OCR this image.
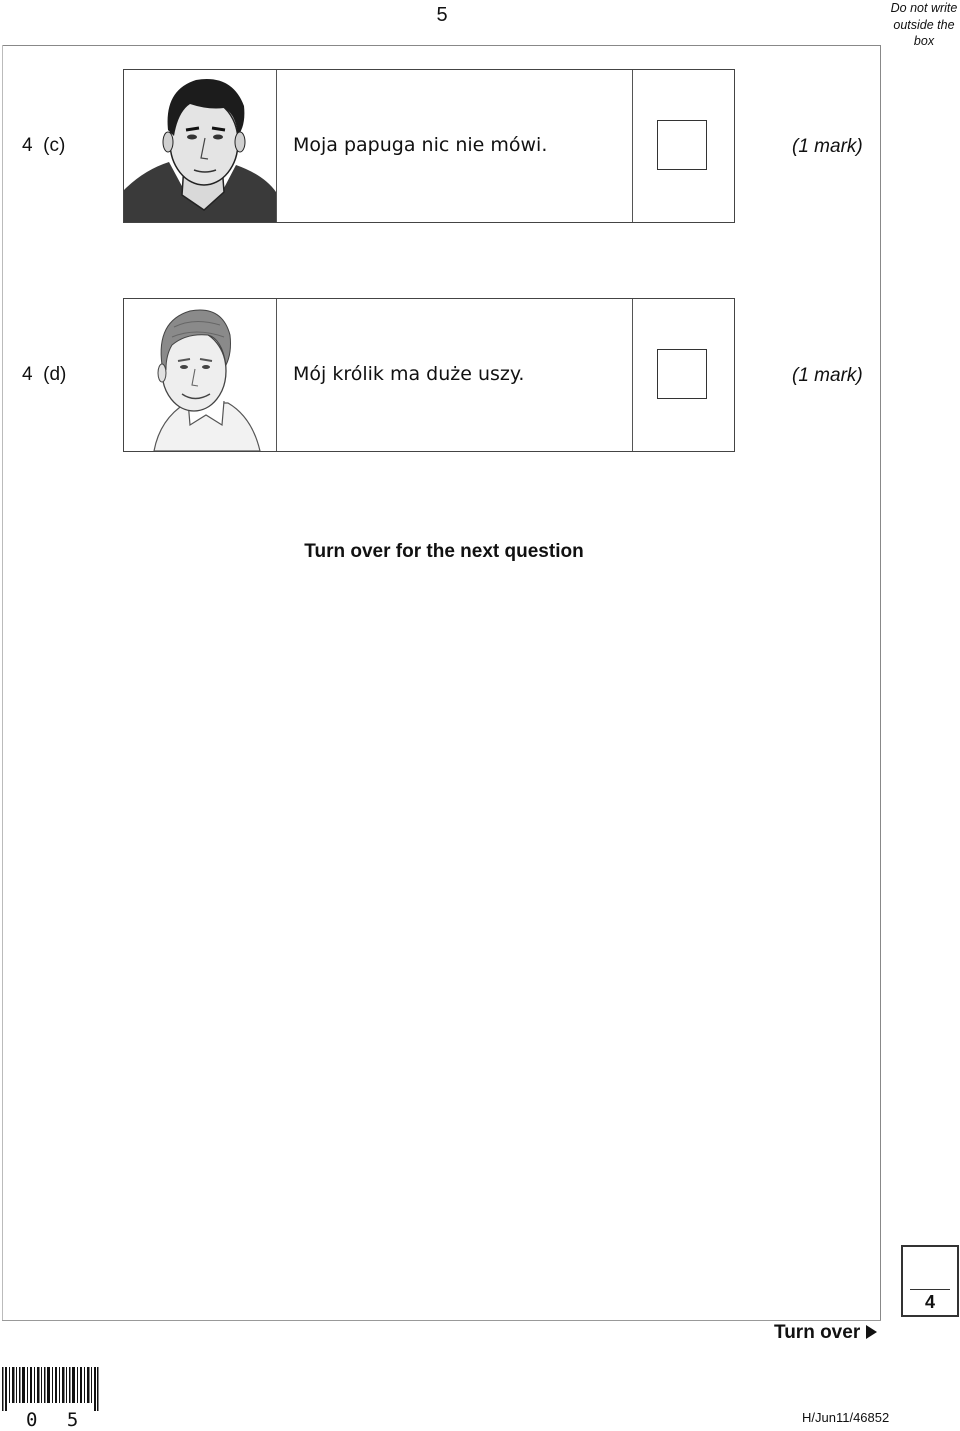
5	Do not write outside the box
4  (c)	Moja papuga nic nie mówi.	(1 mark)
4  (d)	Mój królik ma duże uszy.	(1 mark)
Turn over for the next question
4
Turn over
0 5	H/Jun11/46852
